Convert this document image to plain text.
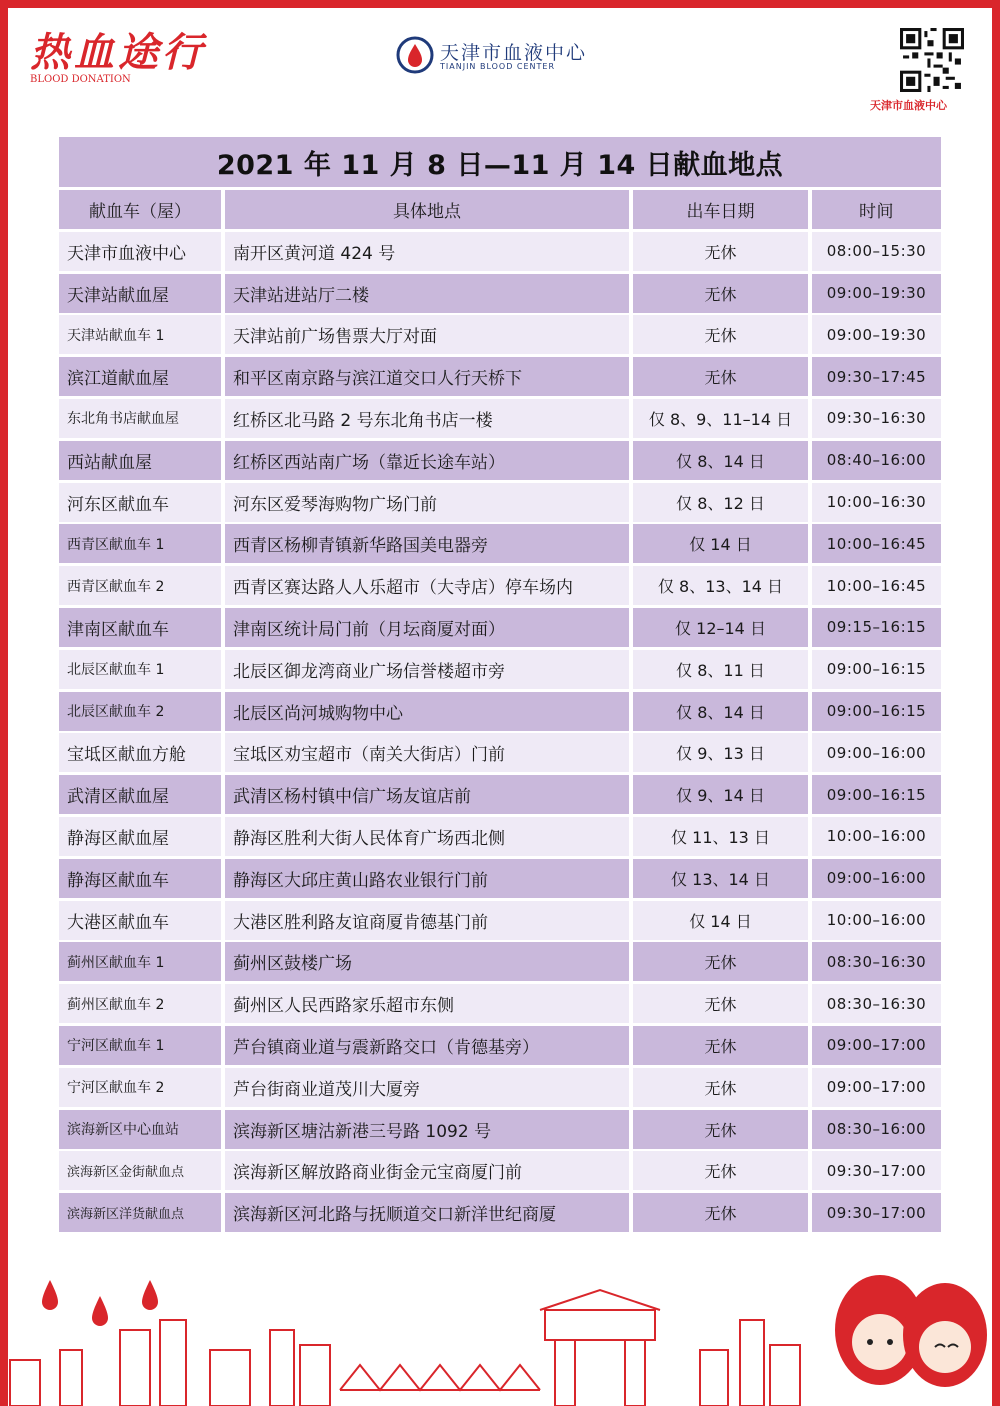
热血途行
BLOOD DONATION
天津市血液中心
TIANJIN BLOOD CENTER
天津市血液中心
2021 年 11 月 8 日—11 月 14 日献血地点
献血车（屋）	具体地点	出车日期	时间
天津市血液中心	南开区黄河道 424 号	无休	08:00–15:30
天津站献血屋	天津站进站厅二楼	无休	09:00–19:30
天津站献血车 1	天津站前广场售票大厅对面	无休	09:00–19:30
滨江道献血屋	和平区南京路与滨江道交口人行天桥下	无休	09:30–17:45
东北角书店献血屋	红桥区北马路 2 号东北角书店一楼	仅 8、9、11–14 日	09:30–16:30
西站献血屋	红桥区西站南广场（靠近长途车站）	仅 8、14 日	08:40–16:00
河东区献血车	河东区爱琴海购物广场门前	仅 8、12 日	10:00–16:30
西青区献血车 1	西青区杨柳青镇新华路国美电器旁	仅 14 日	10:00–16:45
西青区献血车 2	西青区赛达路人人乐超市（大寺店）停车场内	仅 8、13、14 日	10:00–16:45
津南区献血车	津南区统计局门前（月坛商厦对面）	仅 12–14 日	09:15–16:15
北辰区献血车 1	北辰区御龙湾商业广场信誉楼超市旁	仅 8、11 日	09:00–16:15
北辰区献血车 2	北辰区尚河城购物中心	仅 8、14 日	09:00–16:15
宝坻区献血方舱	宝坻区劝宝超市（南关大街店）门前	仅 9、13 日	09:00–16:00
武清区献血屋	武清区杨村镇中信广场友谊店前	仅 9、14 日	09:00–16:15
静海区献血屋	静海区胜利大街人民体育广场西北侧	仅 11、13 日	10:00–16:00
静海区献血车	静海区大邱庄黄山路农业银行门前	仅 13、14 日	09:00–16:00
大港区献血车	大港区胜利路友谊商厦肯德基门前	仅 14 日	10:00–16:00
蓟州区献血车 1	蓟州区鼓楼广场	无休	08:30–16:30
蓟州区献血车 2	蓟州区人民西路家乐超市东侧	无休	08:30–16:30
宁河区献血车 1	芦台镇商业道与震新路交口（肯德基旁）	无休	09:00–17:00
宁河区献血车 2	芦台街商业道茂川大厦旁	无休	09:00–17:00
滨海新区中心血站	滨海新区塘沽新港三号路 1092 号	无休	08:30–16:00
滨海新区金街献血点	滨海新区解放路商业街金元宝商厦门前	无休	09:30–17:00
滨海新区洋货献血点	滨海新区河北路与抚顺道交口新洋世纪商厦	无休	09:30–17:00
